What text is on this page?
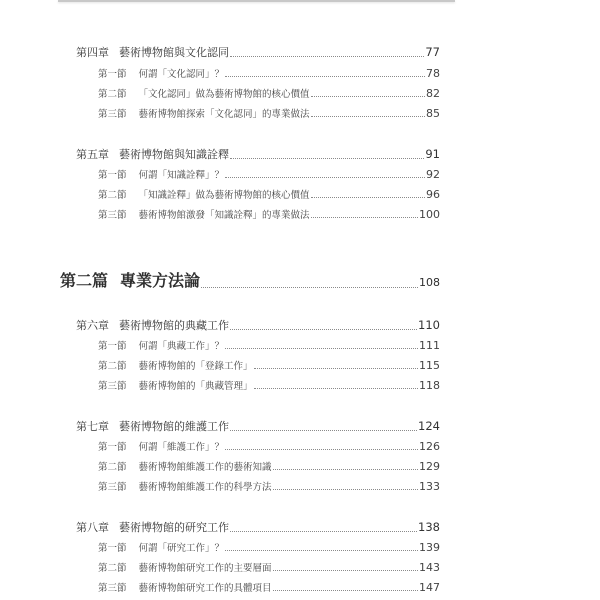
第四章 藝術博物館與文化認同	77
第一節 何謂「文化認同」？	78
第二節 「文化認同」做為藝術博物館的核心價值	82
第三節 藝術博物館探索「文化認同」的專業做法	85
第五章 藝術博物館與知識詮釋	91
第一節 何謂「知識詮釋」？	92
第二節 「知識詮釋」做為藝術博物館的核心價值	96
第三節 藝術博物館激發「知識詮釋」的專業做法	100
第二篇 專業方法論	108
第六章 藝術博物館的典藏工作	110
第一節 何謂「典藏工作」？	111
第二節 藝術博物館的「登錄工作」	115
第三節 藝術博物館的「典藏管理」	118
第七章 藝術博物館的維護工作	124
第一節 何謂「維護工作」？	126
第二節 藝術博物館維護工作的藝術知識	129
第三節 藝術博物館維護工作的科學方法	133
第八章 藝術博物館的研究工作	138
第一節 何謂「研究工作」？	139
第二節 藝術博物館研究工作的主要層面	143
第三節 藝術博物館研究工作的具體項目	147
